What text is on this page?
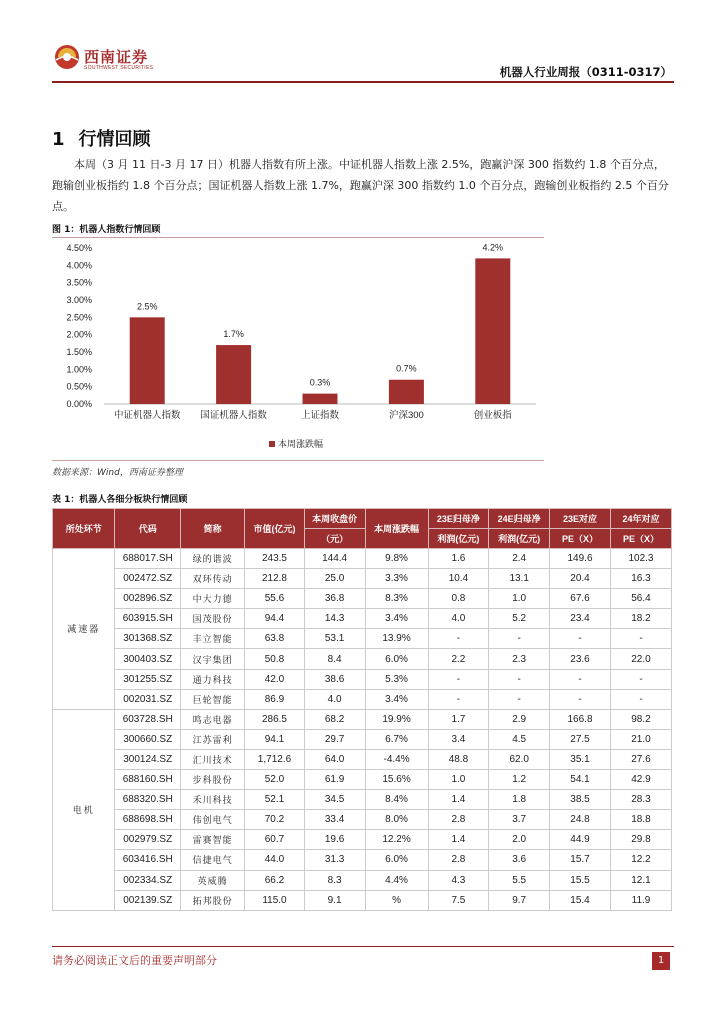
西南证券
SOUTHWEST SECURITIES	机器人行业周报（0311-0317）
1 行情回顾

本周（3 月 11 日-3 月 17 日）机器人指数有所上涨。中证机器人指数上涨 2.5%，跑赢沪深 300 指数约 1.8 个百分点，跑输创业板指约 1.8 个百分点；国证机器人指数上涨 1.7%，跑赢沪深 300 指数约 1.0 个百分点，跑输创业板指约 2.5 个百分点。

图 1：机器人指数行情回顾
0.00%
0.50%
1.00%
1.50%
2.00%
2.50%
3.00%
3.50%
4.00%
4.50%
2.5%
中证机器人指数
1.7%
国证机器人指数
0.3%
上证指数
0.7%
沪深300
4.2%
创业板指
本周涨跌幅
数据来源：Wind，西南证券整理
表 1：机器人各细分板块行情回顾
所处环节	代码	简称	市值(亿元)	本周收盘价	本周涨跌幅	23E归母净	24E归母净	23E对应	24年对应
				（元）		利润(亿元)	利润(亿元)	PE（X）	PE（X）
减速器	688017.SH	绿的谐波	243.5	144.4	9.8%	1.6	2.4	149.6	102.3
	002472.SZ	双环传动	212.8	25.0	3.3%	10.4	13.1	20.4	16.3
	002896.SZ	中大力德	55.6	36.8	8.3%	0.8	1.0	67.6	56.4
	603915.SH	国茂股份	94.4	14.3	3.4%	4.0	5.2	23.4	18.2
	301368.SZ	丰立智能	63.8	53.1	13.9%	-	-	-	-
	300403.SZ	汉宇集团	50.8	8.4	6.0%	2.2	2.3	23.6	22.0
	301255.SZ	通力科技	42.0	38.6	5.3%	-	-	-	-
	002031.SZ	巨轮智能	86.9	4.0	3.4%	-	-	-	-
电机	603728.SH	鸣志电器	286.5	68.2	19.9%	1.7	2.9	166.8	98.2
	300660.SZ	江苏雷利	94.1	29.7	6.7%	3.4	4.5	27.5	21.0
	300124.SZ	汇川技术	1,712.6	64.0	-4.4%	48.8	62.0	35.1	27.6
	688160.SH	步科股份	52.0	61.9	15.6%	1.0	1.2	54.1	42.9
	688320.SH	禾川科技	52.1	34.5	8.4%	1.4	1.8	38.5	28.3
	688698.SH	伟创电气	70.2	33.4	8.0%	2.8	3.7	24.8	18.8
	002979.SZ	雷赛智能	60.7	19.6	12.2%	1.4	2.0	44.9	29.8
	603416.SH	信捷电气	44.0	31.3	6.0%	2.8	3.6	15.7	12.2
	002334.SZ	英威腾	66.2	8.3	4.4%	4.3	5.5	15.5	12.1
	002139.SZ	拓邦股份	115.0	9.1	%	7.5	9.7	15.4	11.9
请务必阅读正文后的重要声明部分	1
